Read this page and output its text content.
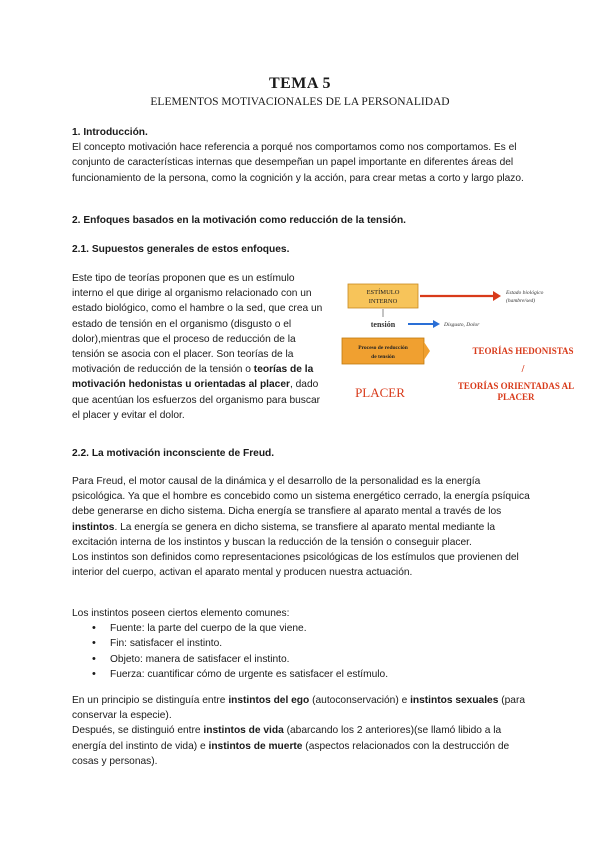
TEMA 5
ELEMENTOS MOTIVACIONALES DE LA PERSONALIDAD
1. Introducción.
El concepto motivación hace referencia a porqué nos comportamos como nos comportamos. Es el conjunto de características internas que desempeñan un papel importante en diferentes áreas del funcionamiento de la persona, como la cognición y la acción, para crear metas a corto y largo plazo.
2. Enfoques basados en la motivación como reducción de la tensión.
2.1. Supuestos generales de estos enfoques.
Este tipo de teorías proponen que es un estímulo interno el que dirige al organismo relacionado con un estado biológico, como el hambre o la sed, que crea un estado de tensión en el organismo (disgusto o el dolor),mientras que el proceso de reducción de la tensión se asocia con el placer. Son teorías de la motivación de reducción de la tensión o teorías de la motivación hedonistas u orientadas al placer, dado que acentúan los esfuerzos del organismo para buscar el placer y evitar el dolor.
ESTÍMULO
INTERNO
Estado biológico
(hambre/sed)
tensión	Disgusto, Dolor
Proceso de reducción
de tensión
PLACER
TEORÍAS HEDONISTAS
/
TEORÍAS ORIENTADAS AL
PLACER
2.2. La motivación inconsciente de Freud.
Para Freud, el motor causal de la dinámica y el desarrollo de la personalidad es la energía psicológica. Ya que el hombre es concebido como un sistema energético cerrado, la energía psíquica debe generarse en dicho sistema. Dicha energía se transfiere al aparato mental a través de los instintos. La energía se genera en dicho sistema, se transfiere al aparato mental mediante la excitación interna de los instintos y buscan la reducción de la tensión o conseguir placer.
Los instintos son definidos como representaciones psicológicas de los estímulos que provienen del interior del cuerpo, activan el aparato mental y producen nuestra actuación.
Los instintos poseen ciertos elemento comunes:
• Fuente: la parte del cuerpo de la que viene.
• Fin: satisfacer el instinto.
• Objeto: manera de satisfacer el instinto.
• Fuerza: cuantificar cómo de urgente es satisfacer el estímulo.
En un principio se distinguía entre instintos del ego (autoconservación) e instintos sexuales (para conservar la especie).
Después, se distinguió entre instintos de vida (abarcando los 2 anteriores)(se llamó libido a la energía del instinto de vida) e instintos de muerte (aspectos relacionados con la destrucción de cosas y personas).
